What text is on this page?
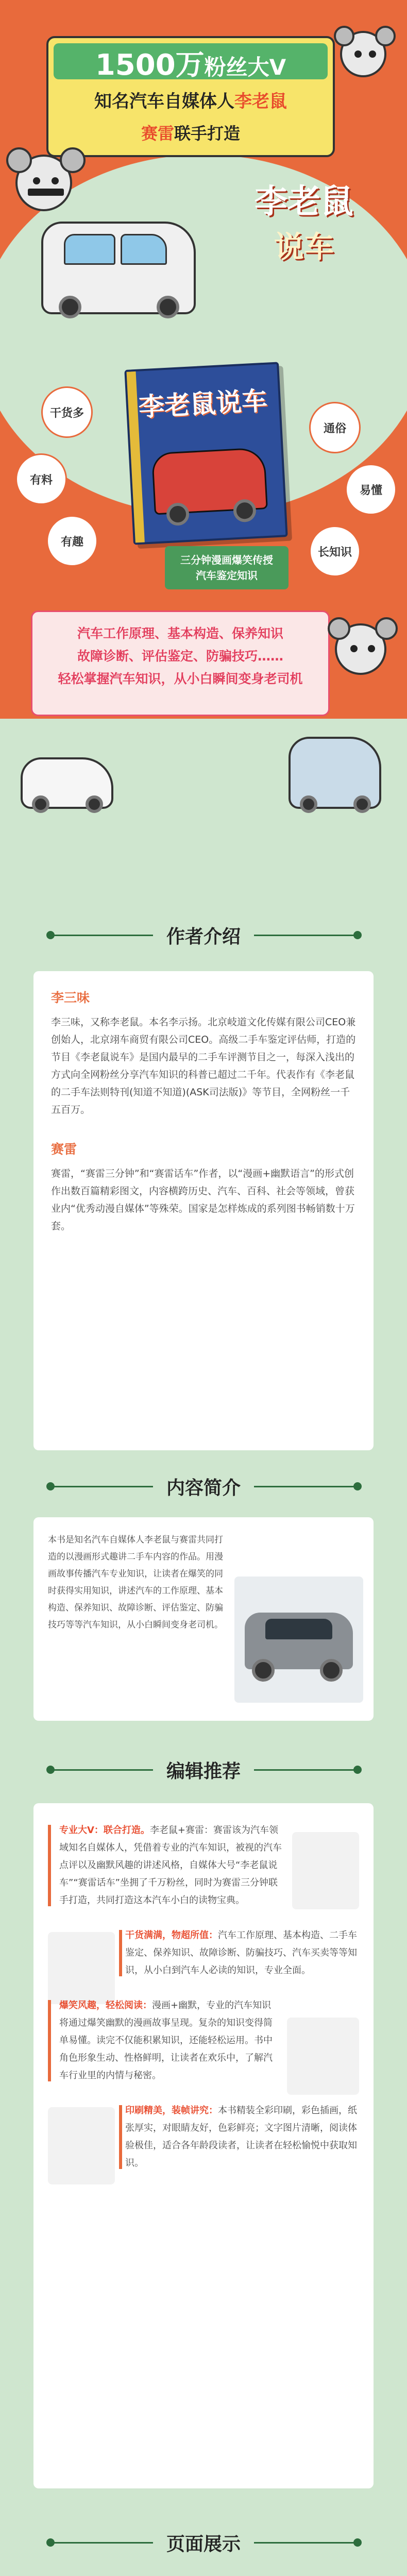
1500万粉丝大V
知名汽车自媒体人李老鼠
赛雷联手打造
李老鼠
说车
李老鼠说车
干货多
有料
有趣
通俗
易懂
长知识
三分钟漫画爆笑传授
汽车鉴定知识

汽车工作原理、基本构造、保养知识

故障诊断、评估鉴定、防骗技巧……

轻松掌握汽车知识，从小白瞬间变身老司机

作者介绍
李三味

李三味，又称李老鼠。本名李示扬。北京岐道文化传媒有限公司CEO兼创始人，北京翊车商贸有限公司CEO。高级二手车鉴定评估师，打造的节目《李老鼠说车》是国内最早的二手车评测节目之一，每深入浅出的方式向全网粉丝分享汽车知识的科普已超过二千年。代表作有《李老鼠的二手车法则特刊(知道不知道)(ASK司法版)》等节目，全网粉丝一千五百万。

赛雷

赛雷，“赛雷三分钟”和“赛雷话车”作者，以“漫画+幽默语言”的形式创作出数百篇精彩图文，内容横跨历史、汽车、百科、社会等领域，曾获业内“优秀动漫自媒体”等殊荣。国家是怎样炼成的系列图书畅销数十万套。

内容简介

本书是知名汽车自媒体人李老鼠与赛雷共同打造的以漫画形式趣讲二手车内容的作品。用漫画故事传播汽车专业知识，让读者在爆笑的同时获得实用知识，讲述汽车的工作原理、基本构造、保养知识、故障诊断、评估鉴定、防骗技巧等等汽车知识，从小白瞬间变身老司机。

编辑推荐

专业大V：联合打造。李老鼠+赛雷：赛雷该为汽车领域知名自媒体人，凭借着专业的汽车知识，被视的汽车点评以及幽默风趣的讲述风格，自媒体大号“李老鼠说车”“赛雷话车”坐拥了千万粉丝，同时为赛雷三分钟联手打造，共同打造这本汽车小白的读物宝典。

干货满满，物超所值：汽车工作原理、基本构造、二手车鉴定、保养知识、故障诊断、防骗技巧、汽车买卖等等知识，从小白到汽车人必读的知识，专业全面。

爆笑风趣，轻松阅读：漫画+幽默，专业的汽车知识将通过爆笑幽默的漫画故事呈现。复杂的知识变得简单易懂。读完不仅能积累知识，还能轻松运用。书中角色形象生动、性格鲜明，让读者在欢乐中，了解汽车行业里的内情与秘密。

印刷精美，装帧讲究：本书精装全彩印刷，彩色插画，纸张厚实，对眼睛友好，色彩鲜亮；文字图片清晰，阅读体验极佳，适合各年龄段读者，让读者在轻松愉悦中获取知识。

页面展示
